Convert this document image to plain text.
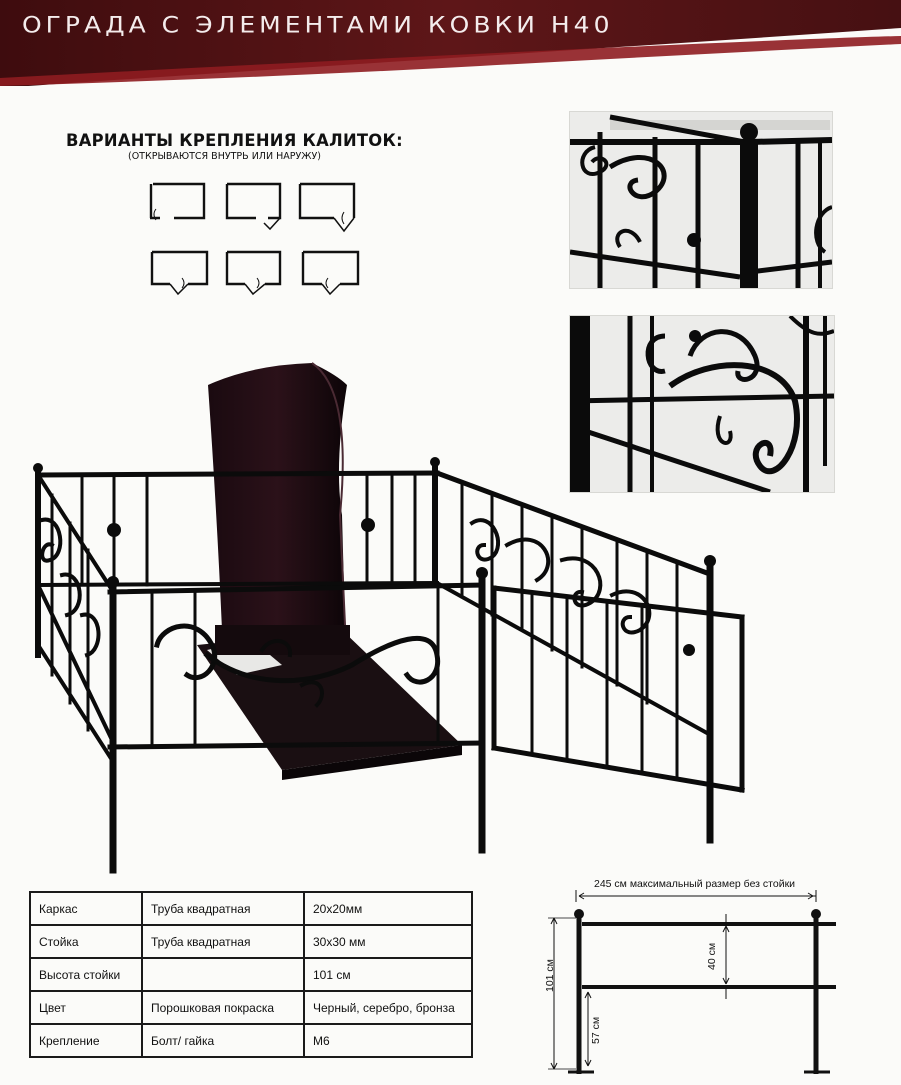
ОГРАДА С ЭЛЕМЕНТАМИ КОВКИ Н40
ВАРИАНТЫ КРЕПЛЕНИЯ КАЛИТОК:
(ОТКРЫВАЮТСЯ ВНУТРЬ ИЛИ НАРУЖУ)
Каркас	Труба квадратная	20x20мм
Стойка	Труба квадратная	30x30 мм
Высота стойки		101 см
Цвет	Порошковая покраска	Черный, серебро, бронза
Крепление	Болт/ гайка	М6
245 см максимальный размер без стойки
101 см
40 см
57 см
